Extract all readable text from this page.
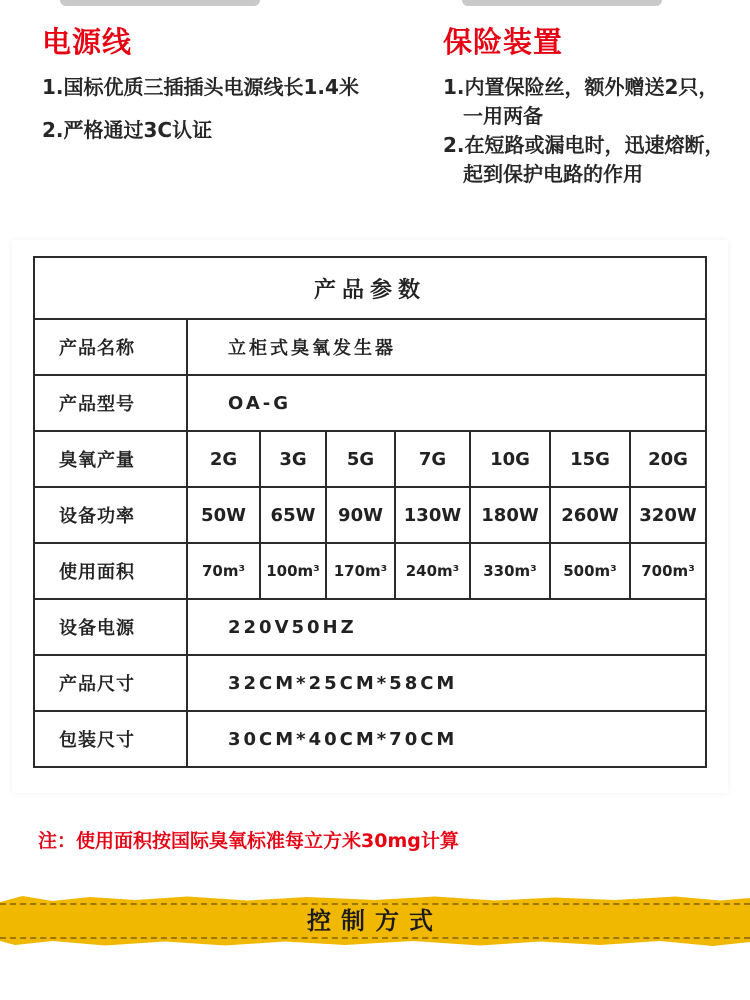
电源线
1.国标优质三插插头电源线长1.4米
2.严格通过3C认证
保险装置
1.内置保险丝，额外赠送2只，
一用两备
2.在短路或漏电时，迅速熔断，
起到保护电路的作用
产品参数							
产品名称	立柜式臭氧发生器						
产品型号	OA-G						
臭氧产量	2G	3G	5G	7G	10G	15G	20G
设备功率	50W	65W	90W	130W	180W	260W	320W
使用面积	70m³	100m³	170m³	240m³	330m³	500m³	700m³
设备电源	220V50HZ						
产品尺寸	32CM*25CM*58CM						
包装尺寸	30CM*40CM*70CM						
注：使用面积按国际臭氧标准每立方米30mg计算
控制方式
